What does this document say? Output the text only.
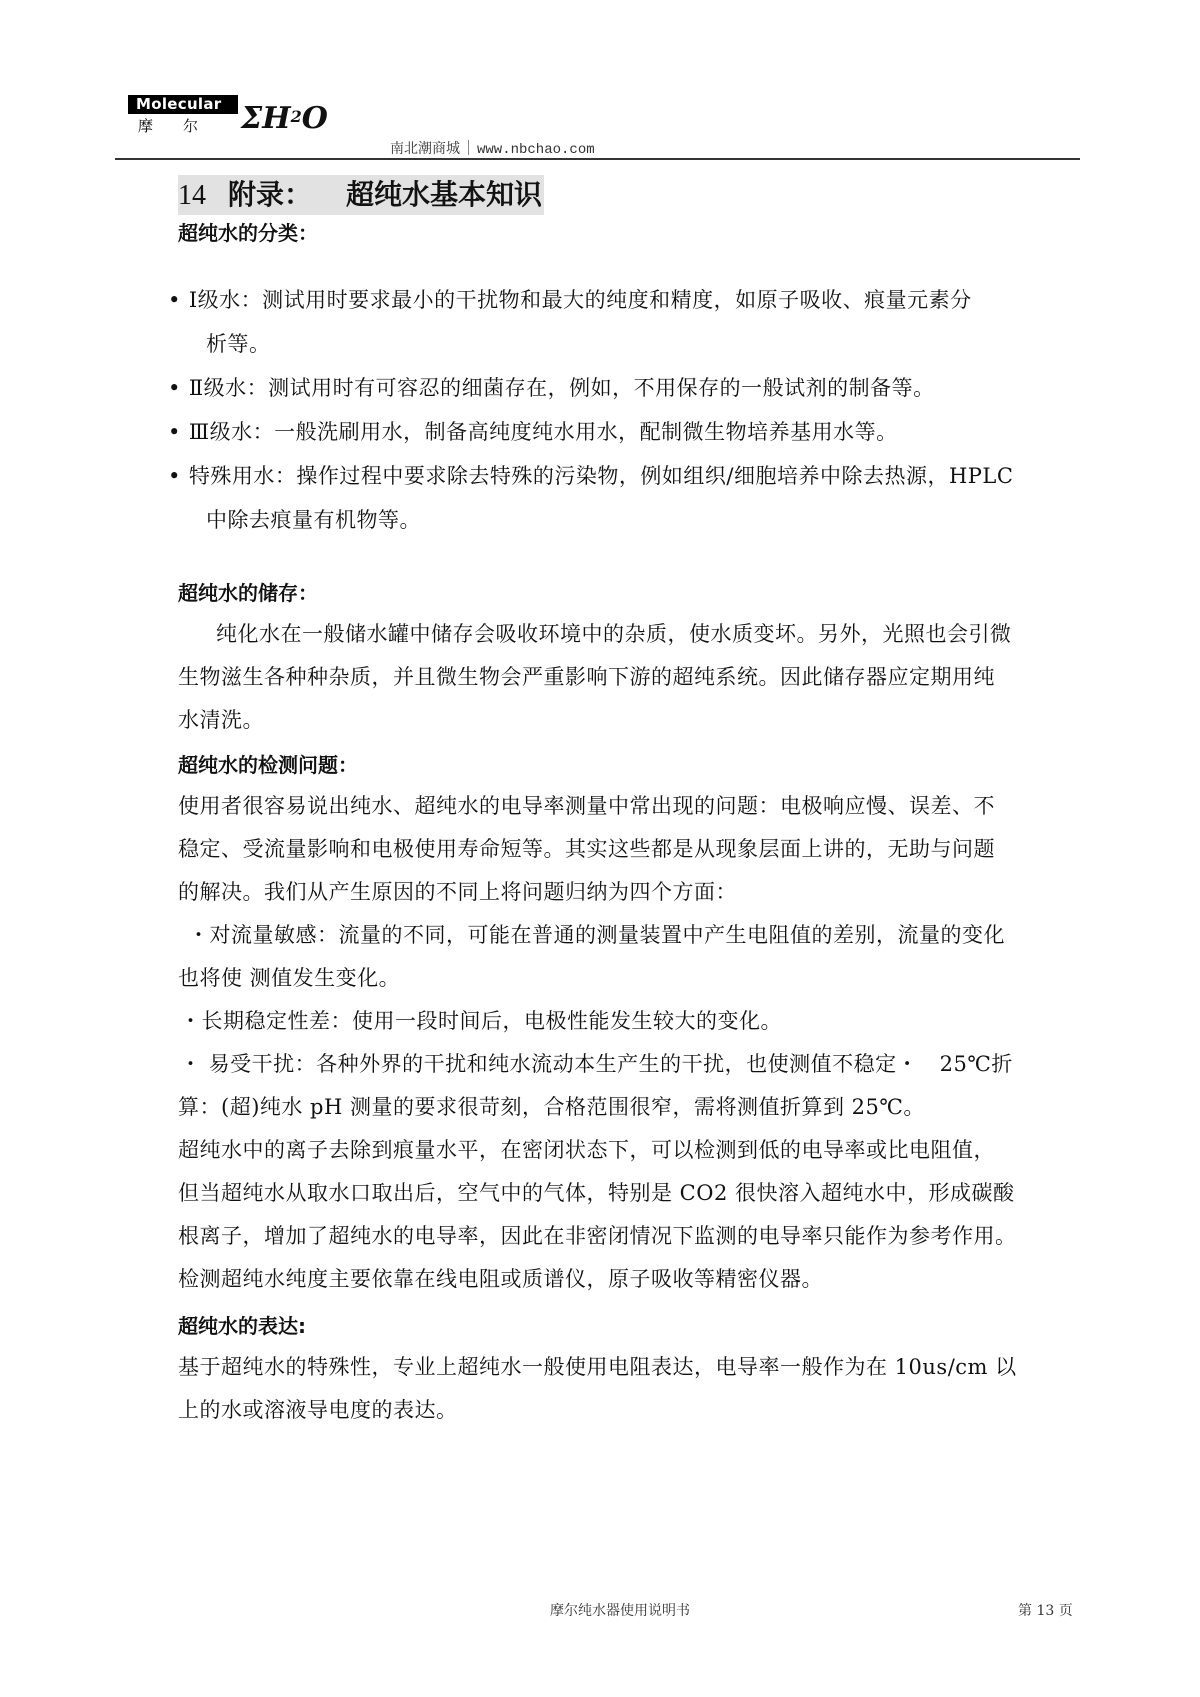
Molecular
摩尔 $\Sigma H_2O$
南北潮商城 www.nbchao.com
14 附录： 超纯水基本知识
超纯水的分类：
• Ⅰ级水：测试用时要求最小的干扰物和最大的纯度和精度，如原子吸收、痕量元素分
析等。
• Ⅱ级水：测试用时有可容忍的细菌存在，例如，不用保存的一般试剂的制备等。
• Ⅲ级水：一般洗刷用水，制备高纯度纯水用水，配制微生物培养基用水等。
• 特殊用水：操作过程中要求除去特殊的污染物，例如组织/细胞培养中除去热源，HPLC
中除去痕量有机物等。
超纯水的储存：
纯化水在一般储水罐中储存会吸收环境中的杂质，使水质变坏。另外，光照也会引微
生物滋生各种种杂质，并且微生物会严重影响下游的超纯系统。因此储存器应定期用纯
水清洗。
超纯水的检测问题：
使用者很容易说出纯水、超纯水的电导率测量中常出现的问题：电极响应慢、误差、不
稳定、受流量影响和电极使用寿命短等。其实这些都是从现象层面上讲的，无助与问题
的解决。我们从产生原因的不同上将问题归纳为四个方面：
・对流量敏感：流量的不同，可能在普通的测量装置中产生电阻值的差别，流量的变化
也将使 测值发生变化。
・长期稳定性差：使用一段时间后，电极性能发生较大的变化。
・ 易受干扰：各种外界的干扰和纯水流动本生产生的干扰，也使测值不稳定・　25℃折
算：(超)纯水 pH 测量的要求很苛刻，合格范围很窄，需将测值折算到 25℃。
超纯水中的离子去除到痕量水平，在密闭状态下，可以检测到低的电导率或比电阻值，
但当超纯水从取水口取出后，空气中的气体，特别是 CO2 很快溶入超纯水中，形成碳酸
根离子，增加了超纯水的电导率，因此在非密闭情况下监测的电导率只能作为参考作用。
检测超纯水纯度主要依靠在线电阻或质谱仪，原子吸收等精密仪器。
超纯水的表达:
基于超纯水的特殊性，专业上超纯水一般使用电阻表达，电导率一般作为在 10us/cm 以
上的水或溶液导电度的表达。
摩尔纯水器使用说明书	第 13 页
